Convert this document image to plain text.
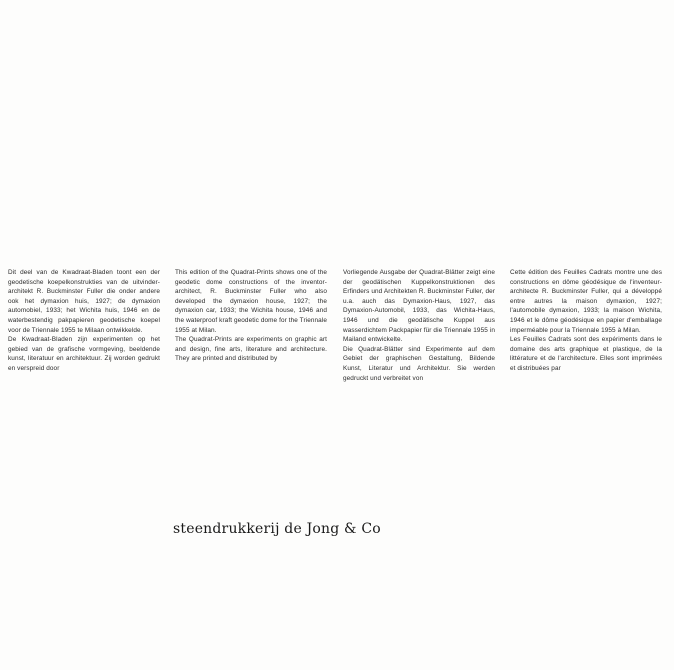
Dit deel van de Kwadraat-Bladen toont een der geodetische koepelkonstrukties van de uitvinder-architekt R. Buckminster Fuller die onder andere ook het dymaxion huis, 1927; de dymaxion automobiel, 1933; het Wichita huis, 1946 en de waterbestendig pakpapieren geodetische koepel voor de Triennale 1955 te Milaan ontwikkelde.

De Kwadraat-Bladen zijn experimenten op het gebied van de grafische vormgeving, beeldende kunst, literatuur en architektuur. Zij worden gedrukt en verspreid door

This edition of the Quadrat-Prints shows one of the geodetic dome constructions of the inventor-architect, R. Buckminster Fuller who also developed the dymaxion house, 1927; the dymaxion car, 1933; the Wichita house, 1946 and the waterproof kraft geodetic dome for the Triennale 1955 at Milan.

The Quadrat-Prints are experiments on graphic art and design, fine arts, literature and architecture. They are printed and distributed by

Vorliegende Ausgabe der Quadrat-Blätter zeigt eine der geodätischen Kuppelkonstruktionen des Erfinders und Architekten R. Buckminster Fuller, der u.a. auch das Dymaxion-Haus, 1927, das Dymaxion-Automobil, 1933, das Wichita-Haus, 1946 und die geodätische Kuppel aus wasserdichtem Packpapier für die Triennale 1955 in Mailand entwickelte.

Die Quadrat-Blätter sind Experimente auf dem Gebiet der graphischen Gestaltung, Bildende Kunst, Literatur und Architektur. Sie werden gedruckt und verbreitet von

Cette édition des Feuilles Cadrats montre une des constructions en dôme géodésique de l'inventeur-architecte R. Buckminster Fuller, qui a développé entre autres la maison dymaxion, 1927; l'automobile dymaxion, 1933; la maison Wichita, 1946 et le dôme géodésique en papier d'emballage imperméable pour la Triennale 1955 à Milan.

Les Feuilles Cadrats sont des expériments dans le domaine des arts graphique et plastique, de la littérature et de l'architecture. Elles sont imprimées et distribuées par

steendrukkerij de Jong & Co
